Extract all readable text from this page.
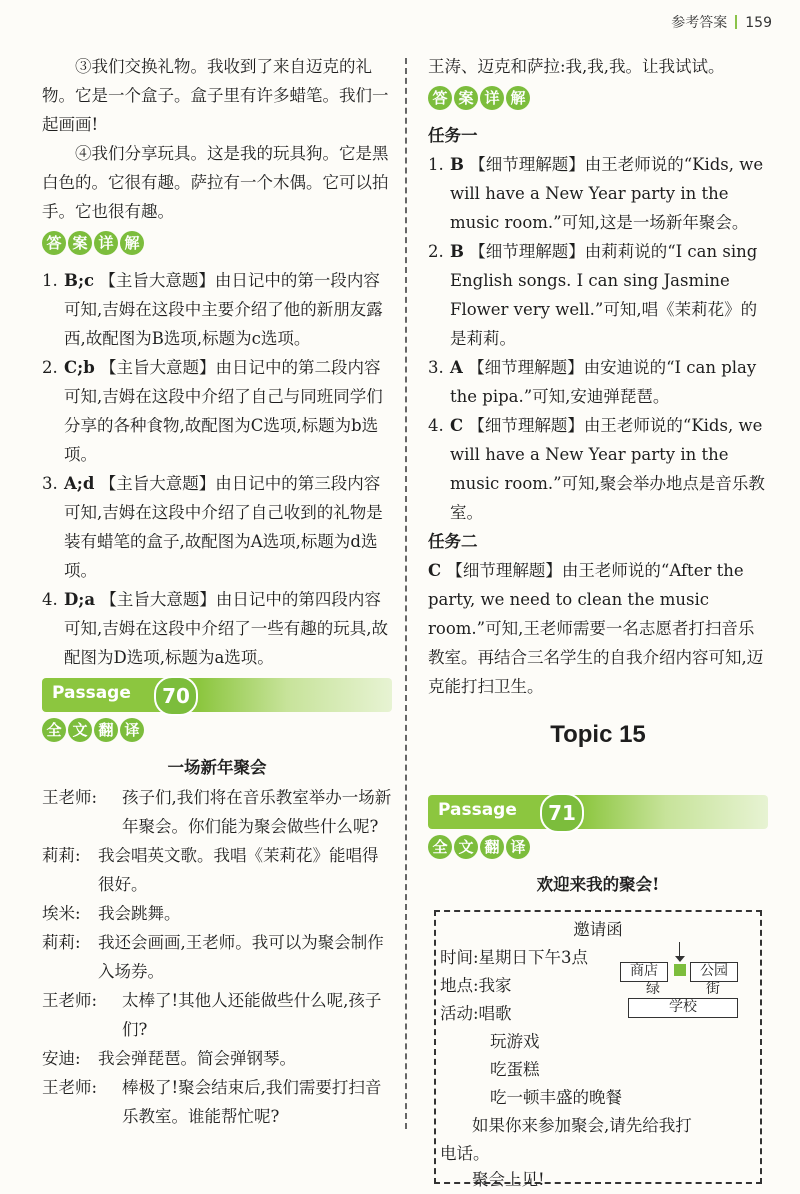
参考答案 159

③我们交换礼物。我收到了来自迈克的礼物。它是一个盒子。盒子里有许多蜡笔。我们一起画画!

④我们分享玩具。这是我的玩具狗。它是黑白色的。它很有趣。萨拉有一个木偶。它可以拍手。它也很有趣。

答 案 详 解
1. B;c 【主旨大意题】由日记中的第一段内容可知,吉姆在这段中主要介绍了他的新朋友露西,故配图为B选项,标题为c选项。
2. C;b 【主旨大意题】由日记中的第二段内容可知,吉姆在这段中介绍了自己与同班同学们分享的各种食物,故配图为C选项,标题为b选项。
3. A;d 【主旨大意题】由日记中的第三段内容可知,吉姆在这段中介绍了自己收到的礼物是装有蜡笔的盒子,故配图为A选项,标题为d选项。
4. D;a 【主旨大意题】由日记中的第四段内容可知,吉姆在这段中介绍了一些有趣的玩具,故配图为D选项,标题为a选项。
Passage	70
全 文 翻 译

一场新年聚会

王老师: 孩子们,我们将在音乐教室举办一场新年聚会。你们能为聚会做些什么呢?
莉莉: 我会唱英文歌。我唱《茉莉花》能唱得很好。
埃米: 我会跳舞。
莉莉: 我还会画画,王老师。我可以为聚会制作入场券。
王老师: 太棒了!其他人还能做些什么呢,孩子们?
安迪: 我会弹琵琶。简会弹钢琴。
王老师: 棒极了!聚会结束后,我们需要打扫音乐教室。谁能帮忙呢?

王涛、迈克和萨拉:我,我,我。让我试试。

答 案 详 解
任务一
1. B 【细节理解题】由王老师说的“Kids, we will have a New Year party in the music room.”可知,这是一场新年聚会。
2. B 【细节理解题】由莉莉说的“I can sing English songs. I can sing Jasmine Flower very well.”可知,唱《茉莉花》的是莉莉。
3. A 【细节理解题】由安迪说的“I can play the pipa.”可知,安迪弹琵琶。
4. C 【细节理解题】由王老师说的“Kids, we will have a New Year party in the music room.”可知,聚会举办地点是音乐教室。
任务二

C 【细节理解题】由王老师说的“After the party, we need to clean the music room.”可知,王老师需要一名志愿者打扫音乐教室。再结合三名学生的自我介绍内容可知,迈克能打扫卫生。

Topic 15
Passage	71
全 文 翻 译

欢迎来我的聚会!

邀请函
时间:星期日下午3点
地点:我家
活动:唱歌
玩游戏
吃蛋糕
吃一顿丰盛的晚餐
如果你来参加聚会,请先给我打
电话。
聚会上见!
商店	公园
绿	街
学校
